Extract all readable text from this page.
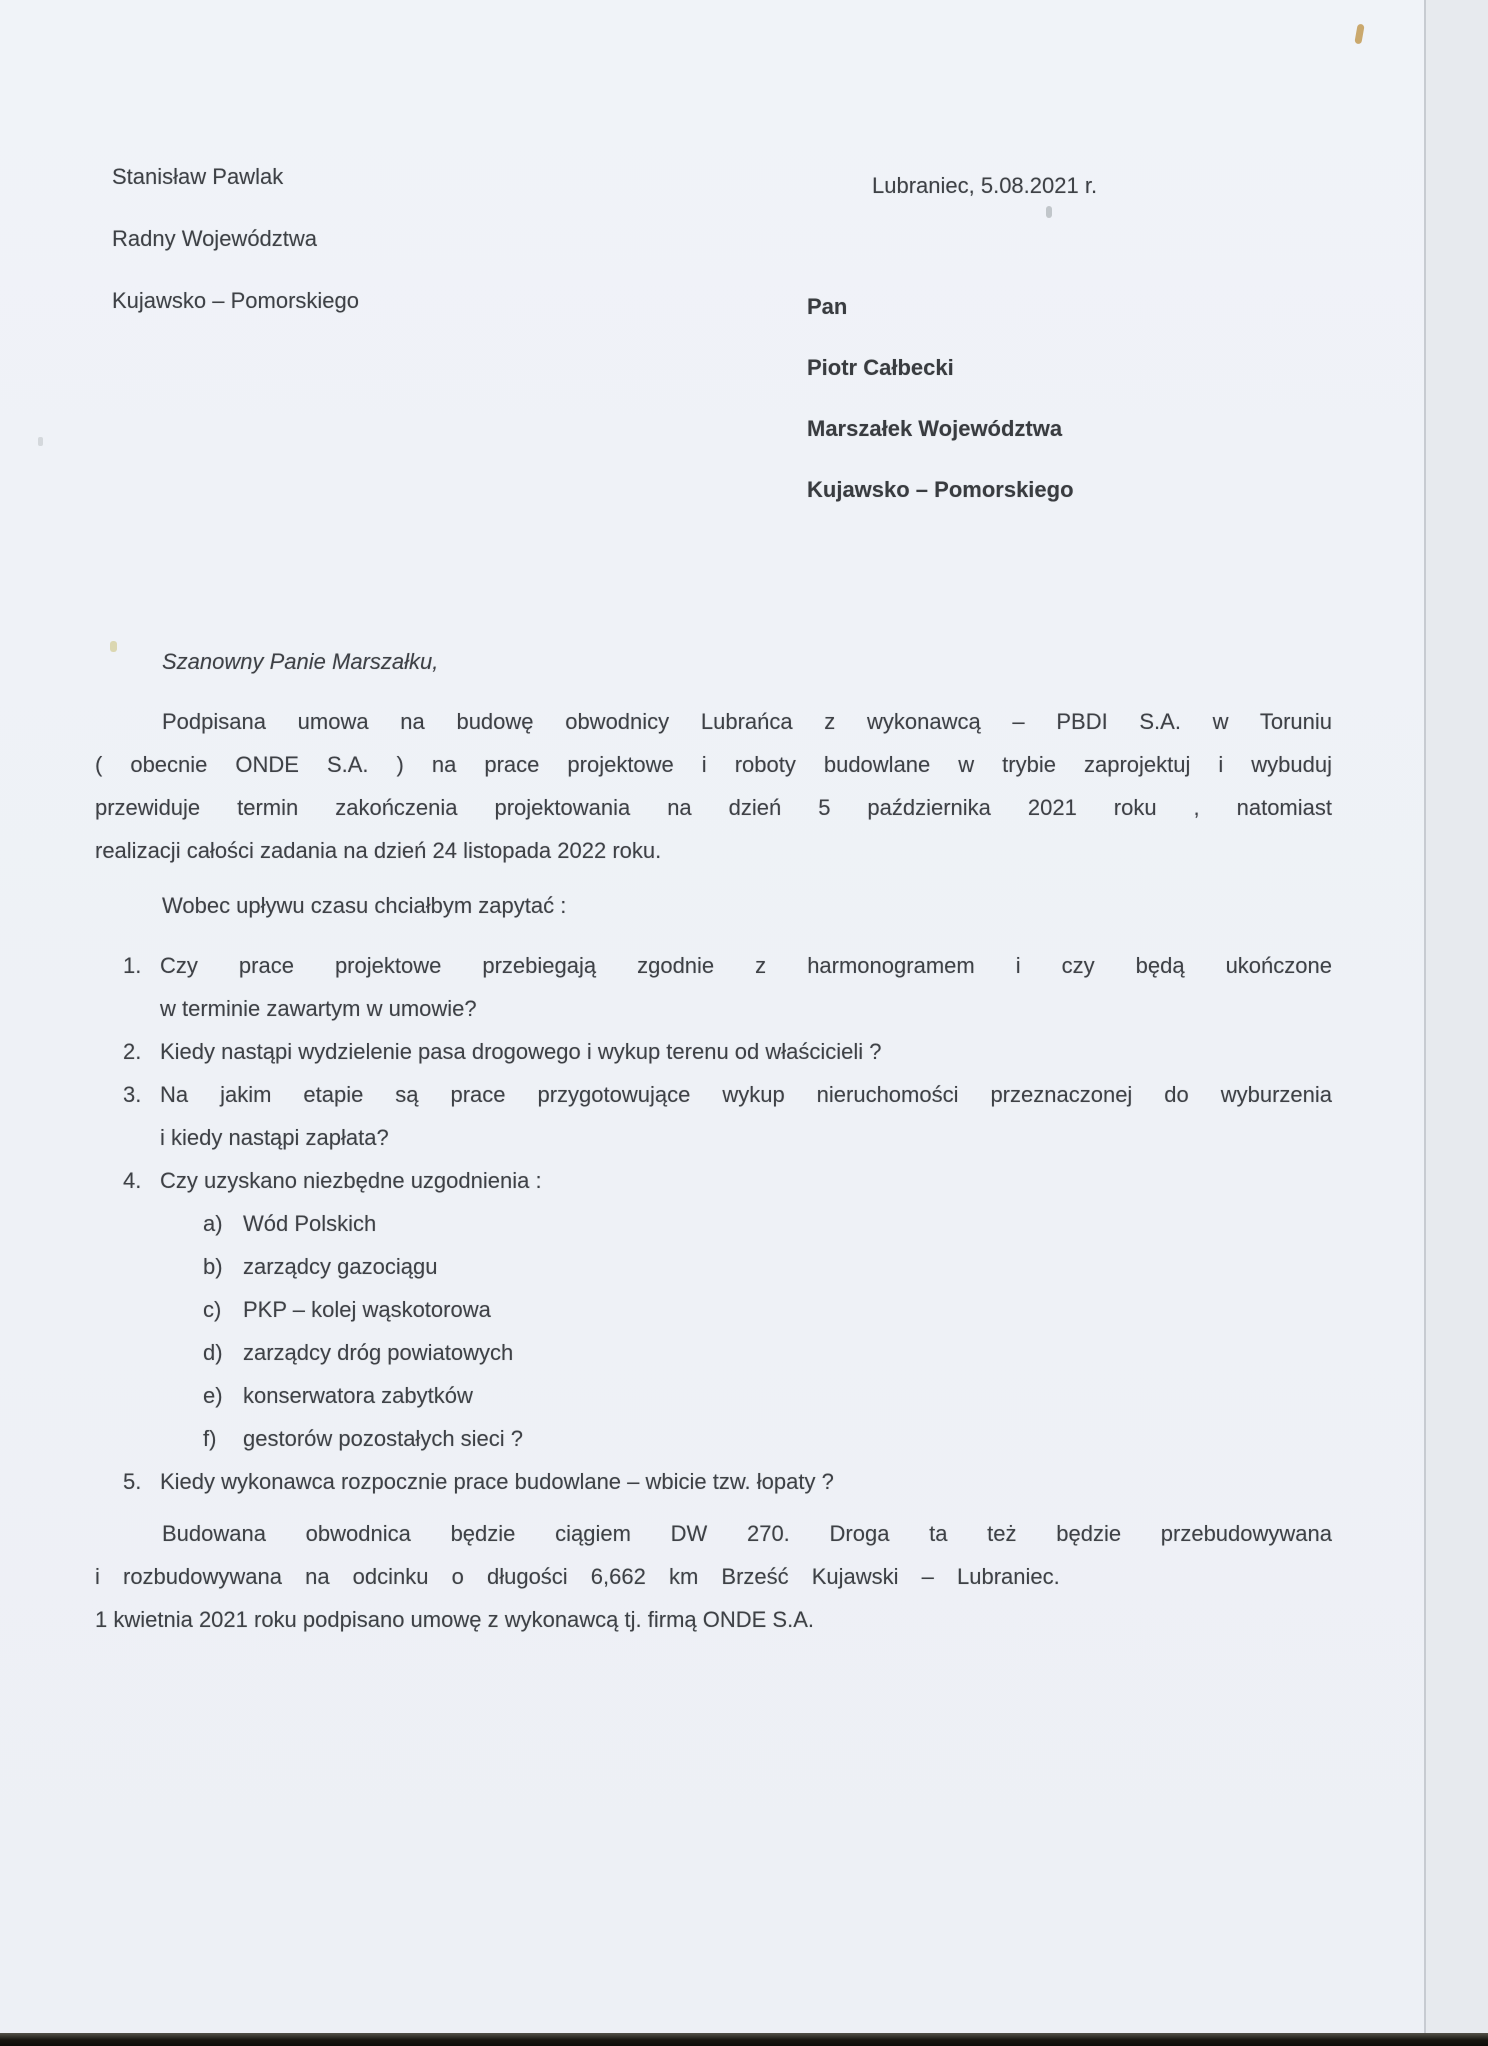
Stanisław Pawlak
Radny Województwa
Kujawsko – Pomorskiego
Lubraniec, 5.08.2021 r.
Pan
Piotr Całbecki
Marszałek Województwa
Kujawsko – Pomorskiego
Szanowny Panie Marszałku,
Podpisana umowa na budowę obwodnicy Lubrańca z wykonawcą – PBDI S.A. w Toruniu
( obecnie ONDE S.A. ) na prace projektowe i roboty budowlane w trybie zaprojektuj i wybuduj
przewiduje termin zakończenia projektowania na dzień 5 października 2021 roku , natomiast
realizacji całości zadania na dzień 24 listopada 2022 roku.
Wobec upływu czasu chciałbym zapytać :
1. Czy prace projektowe przebiegają zgodnie z harmonogramem i czy będą ukończone
w terminie zawartym w umowie?
2. Kiedy nastąpi wydzielenie pasa drogowego i wykup terenu od właścicieli ?
3. Na jakim etapie są prace przygotowujące wykup nieruchomości przeznaczonej do wyburzenia
i kiedy nastąpi zapłata?
4. Czy uzyskano niezbędne uzgodnienia :
a) Wód Polskich
b) zarządcy gazociągu
c) PKP – kolej wąskotorowa
d) zarządcy dróg powiatowych
e) konserwatora zabytków
f)	gestorów pozostałych sieci ?
5. Kiedy wykonawca rozpocznie prace budowlane – wbicie tzw. łopaty ?
Budowana obwodnica będzie ciągiem DW 270. Droga ta też będzie przebudowywana
i rozbudowywana na odcinku o długości 6,662 km Brześć Kujawski – Lubraniec.
1 kwietnia 2021 roku podpisano umowę z wykonawcą tj. firmą ONDE S.A.
